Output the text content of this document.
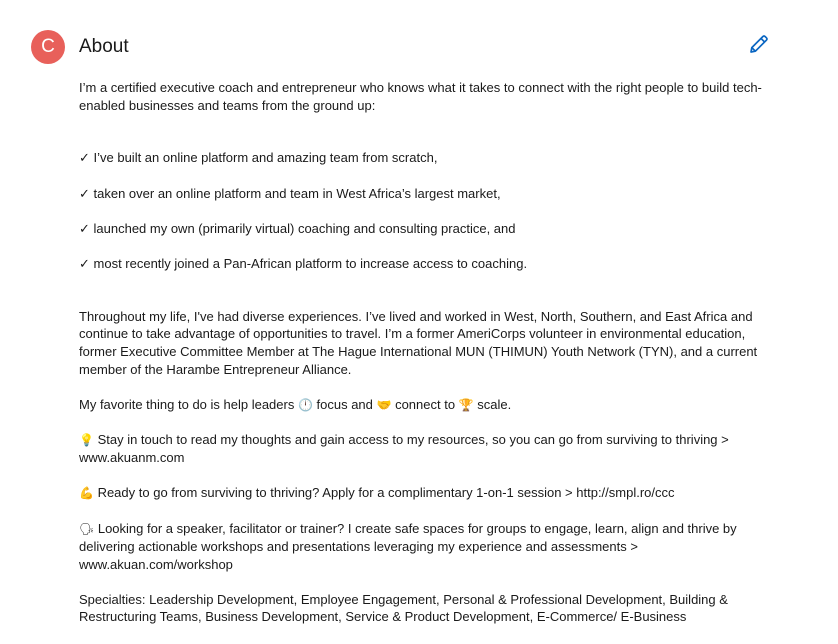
C	About

I’m a certified executive coach and entrepreneur who knows what it takes to connect with the right people to build tech-enabled businesses and teams from the ground up:

✓ I’ve built an online platform and amazing team from scratch,

✓ taken over an online platform and team in West Africa’s largest market,

✓ launched my own (primarily virtual) coaching and consulting practice, and

✓ most recently joined a Pan-African platform to increase access to coaching.

Throughout my life, I've had diverse experiences. I’ve lived and worked in West, North, Southern, and East Africa and continue to take advantage of opportunities to travel. I’m a former AmeriCorps volunteer in environmental education, former Executive Committee Member at The Hague International MUN (THIMUN) Youth Network (TYN), and a current member of the Harambe Entrepreneur Alliance.

My favorite thing to do is help leaders 🕛 focus and 🤝 connect to 🏆 scale.

💡 Stay in touch to read my thoughts and gain access to my resources, so you can go from surviving to thriving >
www.akuanm.com

💪 Ready to go from surviving to thriving? Apply for a complimentary 1-on-1 session > http://smpl.ro/ccc

🗣 Looking for a speaker, facilitator or trainer? I create safe spaces for groups to engage, learn, align and thrive by delivering actionable workshops and presentations leveraging my experience and assessments >
www.akuan.com/workshop

Specialties: Leadership Development, Employee Engagement, Personal & Professional Development, Building & Restructuring Teams, Business Development, Service & Product Development, E-Commerce/ E-Business
